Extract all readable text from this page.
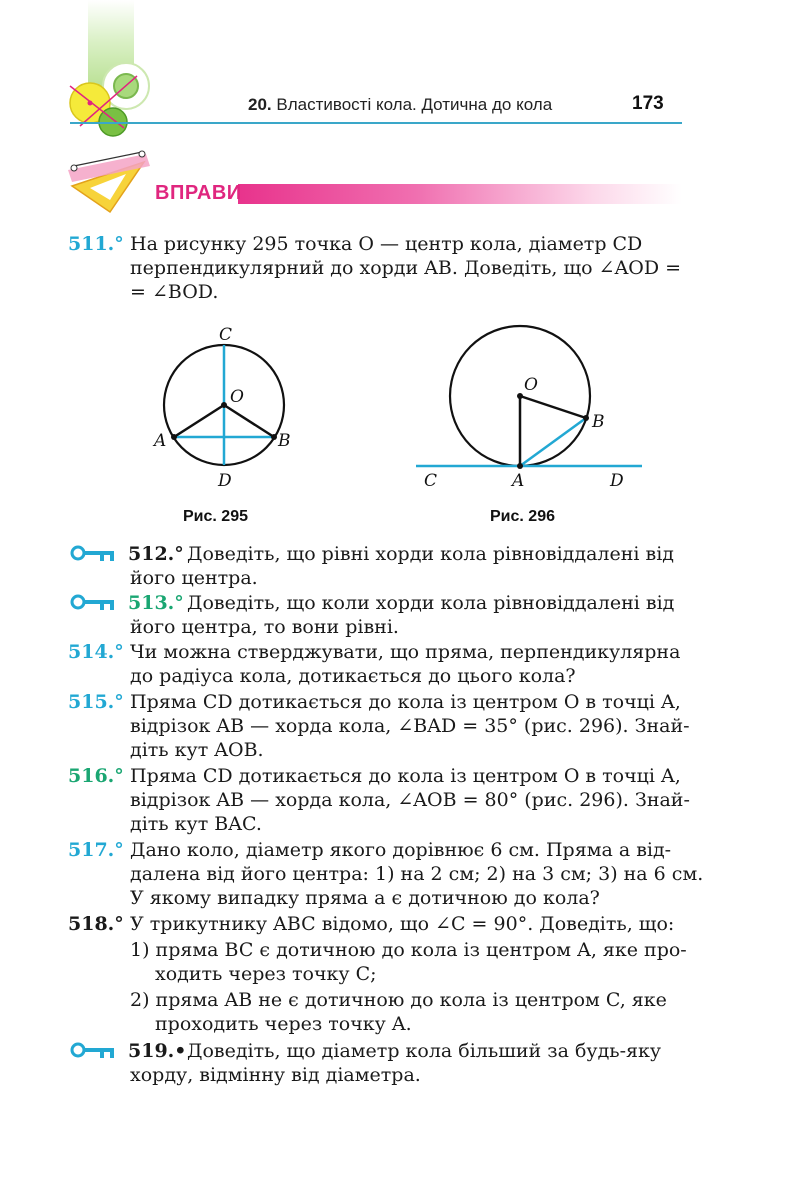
20. Властивості кола. Дотична до кола	173
ВПРАВИ
511.° На рисунку 295 точка O — центр кола, діаметр CD
перпендикулярний до хорди AB. Доведіть, що ∠AOD =
= ∠BOD.
C
O
A	B
D
O
B
C	A	D
Рис. 295	Рис. 296
512.° Доведіть, що рівні хорди кола рівновіддалені від
його центра.
513.° Доведіть, що коли хорди кола рівновіддалені від
його центра, то вони рівні.
514.° Чи можна стверджувати, що пряма, перпендикулярна
до радіуса кола, дотикається до цього кола?
515.° Пряма CD дотикається до кола із центром O в точці A,
відрізок AB — хорда кола, ∠BAD = 35° (рис. 296). Знай-
діть кут AOB.
516.° Пряма CD дотикається до кола із центром O в точці A,
відрізок AB — хорда кола, ∠AOB = 80° (рис. 296). Знай-
діть кут BAC.
517.° Дано коло, діаметр якого дорівнює 6 см. Пряма a від-
далена від його центра: 1) на 2 см; 2) на 3 см; 3) на 6 см.
У якому випадку пряма a є дотичною до кола?
518.° У трикутнику ABC відомо, що ∠C = 90°. Доведіть, що:
1) пряма BC є дотичною до кола із центром A, яке про-
ходить через точку C;
2) пряма AB не є дотичною до кола із центром C, яке
проходить через точку A.
519.• Доведіть, що діаметр кола більший за будь-яку
хорду, відмінну від діаметра.
